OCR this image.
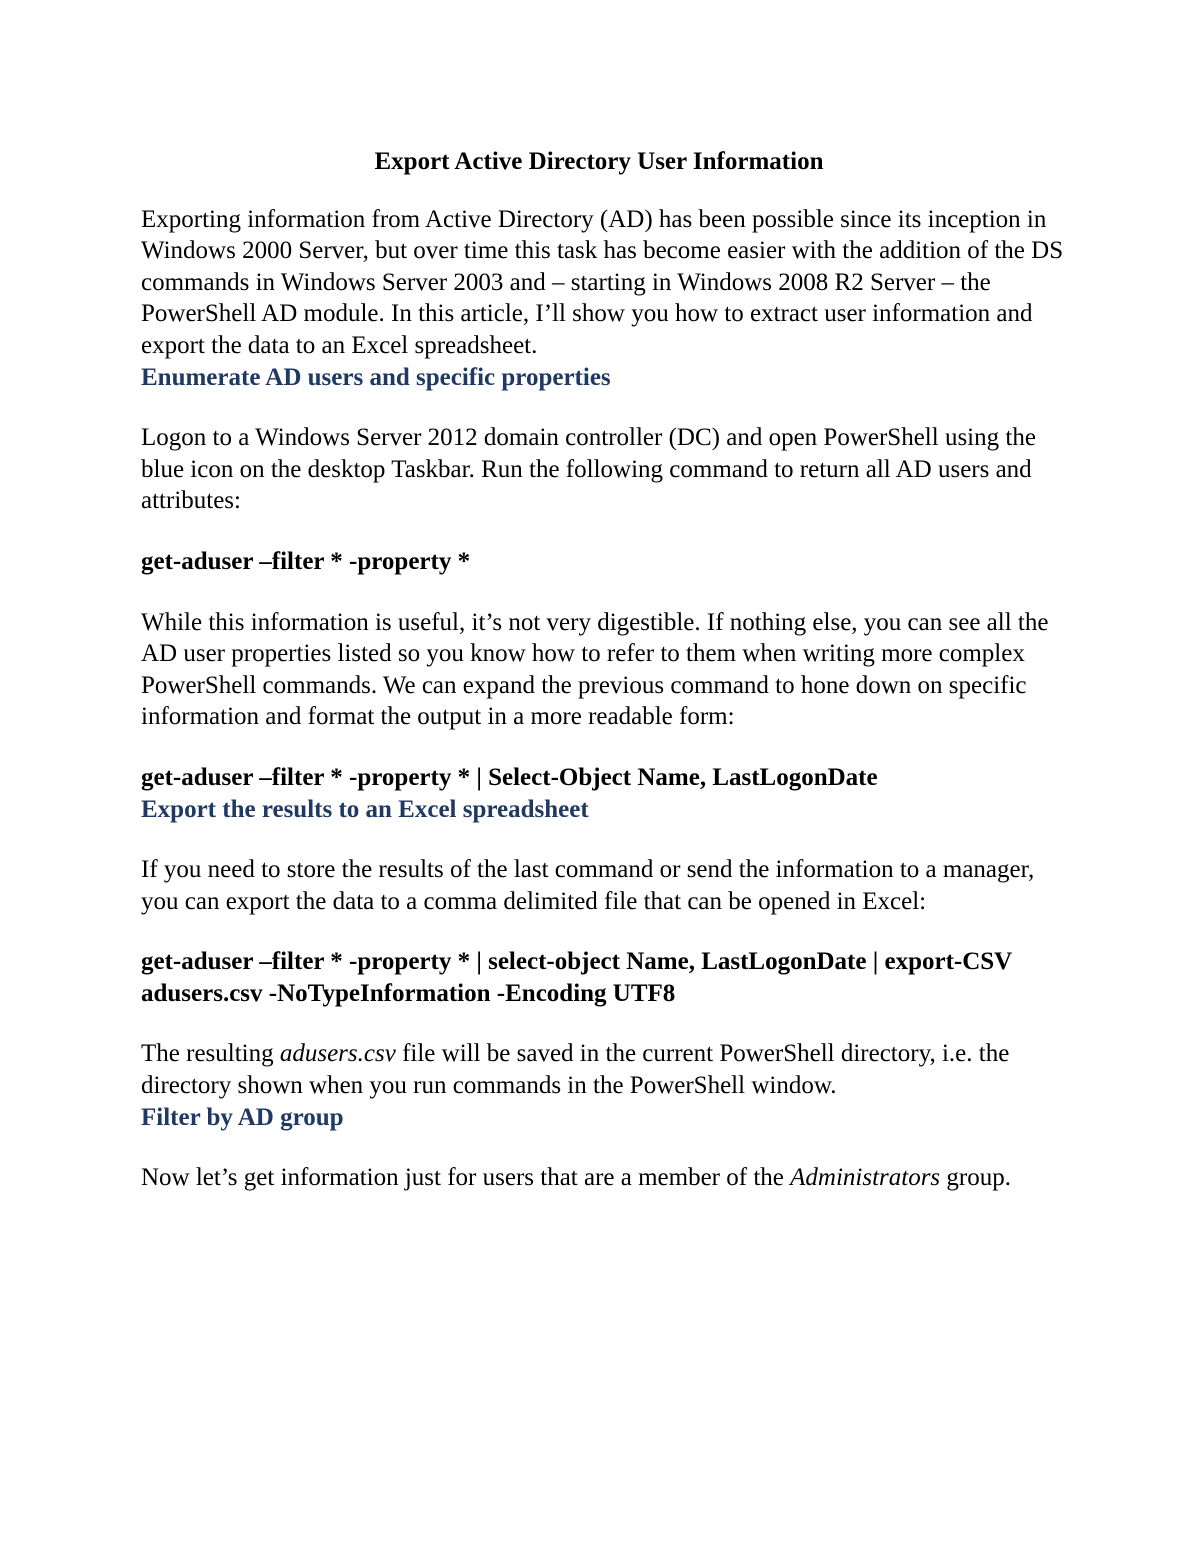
Export Active Directory User Information

Exporting information from Active Directory (AD) has been possible since its inception in Windows 2000 Server, but over time this task has become easier with the addition of the DS commands in Windows Server 2003 and – starting in Windows 2008 R2 Server – the PowerShell AD module. In this article, I’ll show you how to extract user information and export the data to an Excel spreadsheet.

Enumerate AD users and specific properties

Logon to a Windows Server 2012 domain controller (DC) and open PowerShell using the blue icon on the desktop Taskbar. Run the following command to return all AD users and attributes:

get-aduser –filter * -property *

While this information is useful, it’s not very digestible. If nothing else, you can see all the AD user properties listed so you know how to refer to them when writing more complex PowerShell commands. We can expand the previous command to hone down on specific information and format the output in a more readable form:

get-aduser –filter * -property * | Select-Object Name, LastLogonDate

Export the results to an Excel spreadsheet

If you need to store the results of the last command or send the information to a manager, you can export the data to a comma delimited file that can be opened in Excel:

get-aduser –filter * -property * | select-object Name, LastLogonDate | export-CSV adusers.csv -NoTypeInformation -Encoding UTF8

The resulting adusers.csv file will be saved in the current PowerShell directory, i.e. the directory shown when you run commands in the PowerShell window.

Filter by AD group

Now let’s get information just for users that are a member of the Administrators group.
